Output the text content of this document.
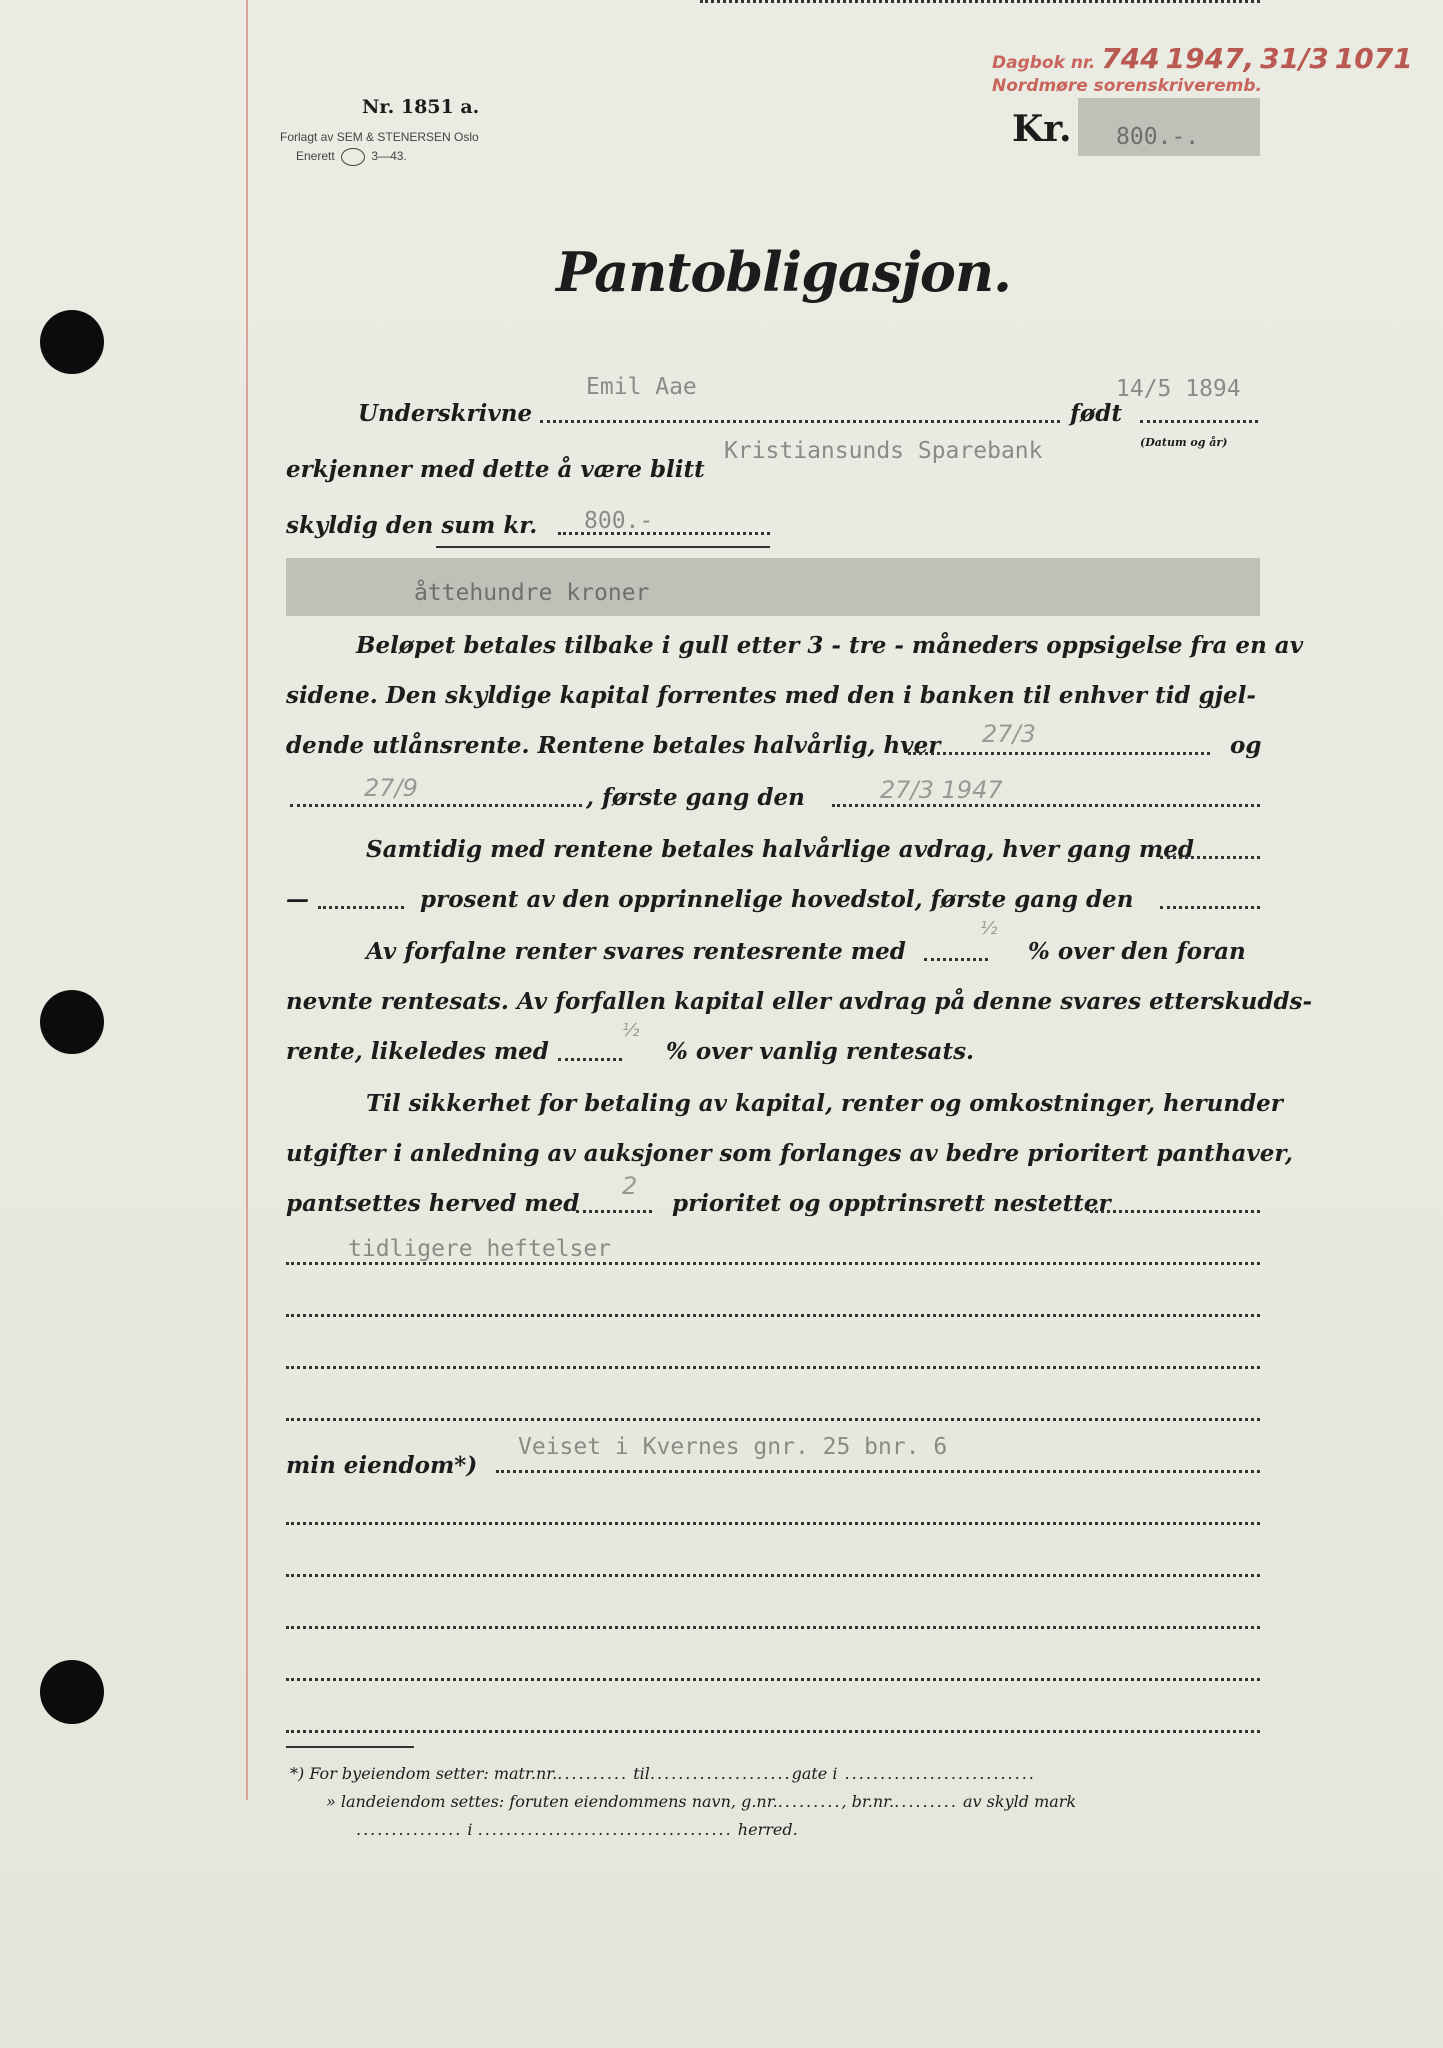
Nr. 1851 a.
Forlagt av SEM & STENERSEN Oslo
Enerett	3—43.
Dagbok nr. 744 1947, 31/3 1071
Nordmøre sorenskriveremb.
Kr. 800.-.
Pantobligasjon.
Emil Aae	14/5 1894
Underskrivne	født
(Datum og år)
Kristiansunds Sparebank
erkjenner med dette å være blitt
skyldig den sum kr. 800.-
åttehundre kroner
Beløpet betales tilbake i gull etter 3 - tre - måneders oppsigelse fra en av
sidene. Den skyldige kapital forrentes med den i banken til enhver tid gjel-
dende utlånsrente. Rentene betales halvårlig, hver 27/3	og
27/9	, første gang den	27/3 1947
Samtidig med rentene betales halvårlige avdrag, hver gang med
—	prosent av den opprinnelige hovedstol, første gang den
Av forfalne renter svares rentesrente med
½
% over den foran
nevnte rentesats. Av forfallen kapital eller avdrag på denne svares etterskudds-
rente, likeledes med
½
% over vanlig rentesats.
Til sikkerhet for betaling av kapital, renter og omkostninger, herunder
utgifter i anledning av auksjoner som forlanges av bedre prioritert panthaver,
pantsettes herved med
2
prioritet og opptrinsrett nestetter
tidligere heftelser
min eiendom*)
Veiset i Kvernes gnr. 25 bnr. 6
*) For byeiendom setter: matr.nr........... til....................gate i ...........................
» landeiendom settes: foruten eiendommens navn, g.nr.........., br.nr.......... av skyld mark
............... i .................................... herred.
